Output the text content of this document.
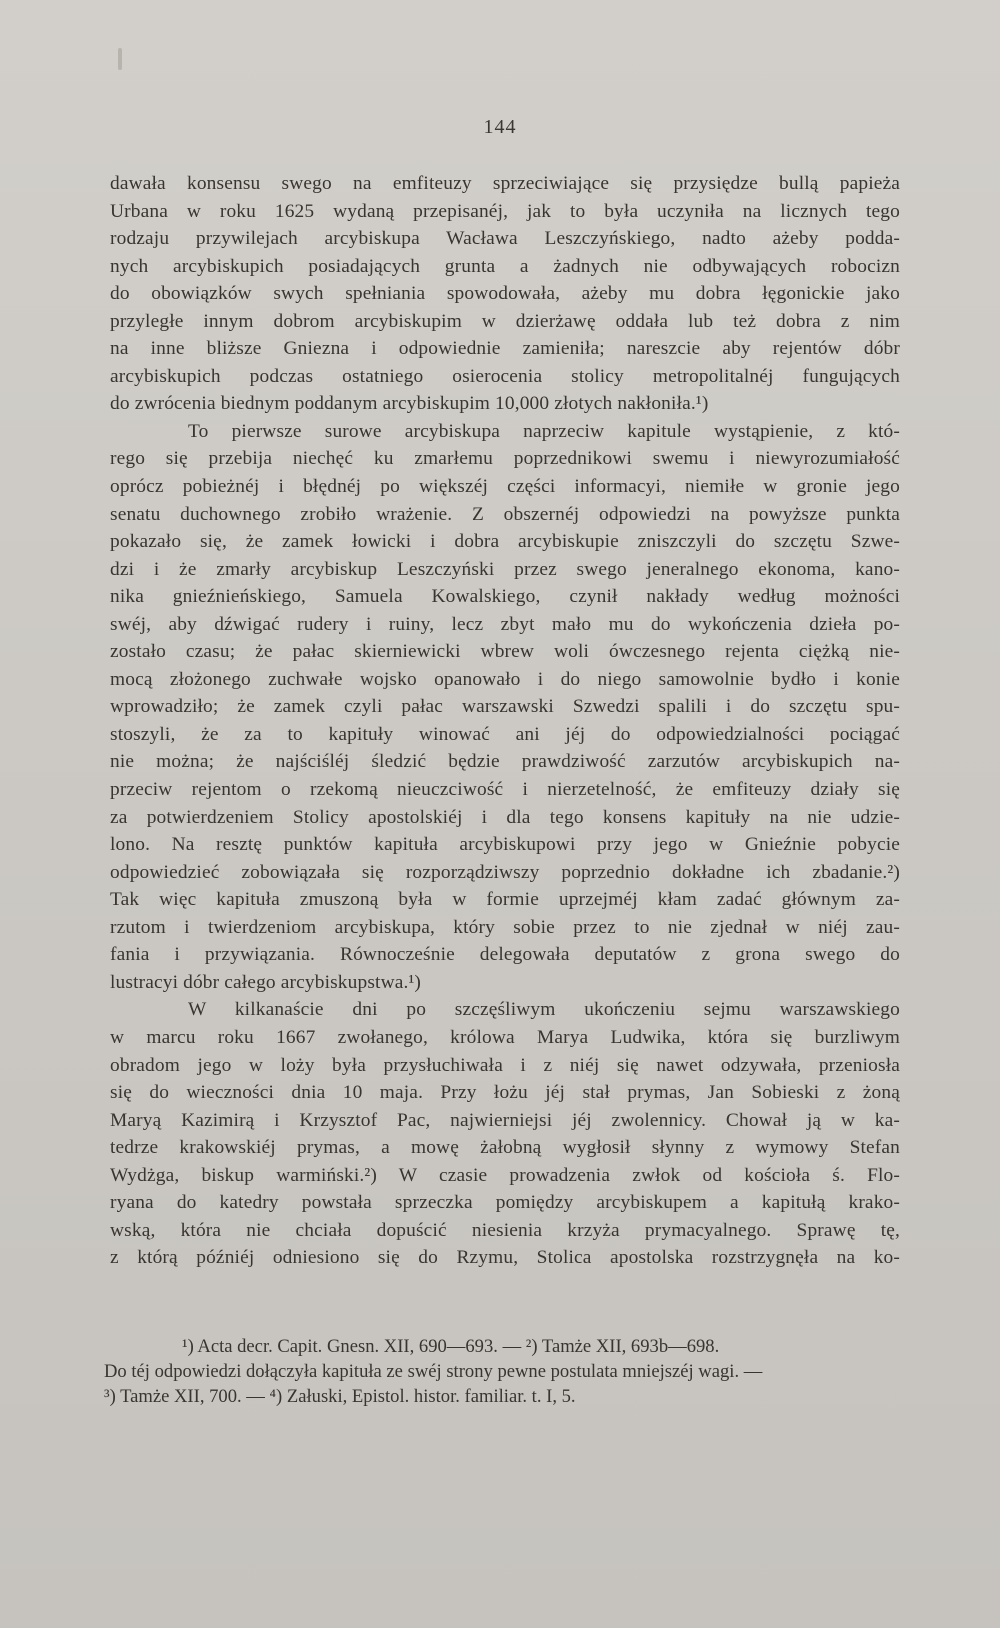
144
dawała konsensu swego na emfiteuzy sprzeciwiające się przysiędze bullą papieża
Urbana w roku 1625 wydaną przepisanéj, jak to była uczyniła na licznych tego
rodzaju przywilejach arcybiskupa Wacława Leszczyńskiego, nadto ażeby podda-
nych arcybiskupich posiadających grunta a żadnych nie odbywających robocizn
do obowiązków swych spełniania spowodowała, ażeby mu dobra łęgonickie jako
przyległe innym dobrom arcybiskupim w dzierżawę oddała lub też dobra z nim
na inne bliższe Gniezna i odpowiednie zamieniła; nareszcie aby rejentów dóbr
arcybiskupich podczas ostatniego osierocenia stolicy metropolitalnéj fungujących
do zwrócenia biednym poddanym arcybiskupim 10,000 złotych nakłoniła.¹)
To pierwsze surowe arcybiskupa naprzeciw kapitule wystąpienie, z któ-
rego się przebija niechęć ku zmarłemu poprzednikowi swemu i niewyrozumiałość
oprócz pobieżnéj i błędnéj po większéj części informacyi, niemiłe w gronie jego
senatu duchownego zrobiło wrażenie. Z obszernéj odpowiedzi na powyższe punkta
pokazało się, że zamek łowicki i dobra arcybiskupie zniszczyli do szczętu Szwe-
dzi i że zmarły arcybiskup Leszczyński przez swego jeneralnego ekonoma, kano-
nika gnieźnieńskiego, Samuela Kowalskiego, czynił nakłady według możności
swéj, aby dźwigać rudery i ruiny, lecz zbyt mało mu do wykończenia dzieła po-
zostało czasu; że pałac skierniewicki wbrew woli ówczesnego rejenta ciężką nie-
mocą złożonego zuchwałe wojsko opanowało i do niego samowolnie bydło i konie
wprowadziło; że zamek czyli pałac warszawski Szwedzi spalili i do szczętu spu-
stoszyli, że za to kapituły winować ani jéj do odpowiedzialności pociągać
nie można; że najściśléj śledzić będzie prawdziwość zarzutów arcybiskupich na-
przeciw rejentom o rzekomą nieuczciwość i nierzetelność, że emfiteuzy działy się
za potwierdzeniem Stolicy apostolskiéj i dla tego konsens kapituły na nie udzie-
lono. Na resztę punktów kapituła arcybiskupowi przy jego w Gnieźnie pobycie
odpowiedzieć zobowiązała się rozporządziwszy poprzednio dokładne ich zbadanie.²)
Tak więc kapituła zmuszoną była w formie uprzejméj kłam zadać głównym za-
rzutom i twierdzeniom arcybiskupa, który sobie przez to nie zjednał w niéj zau-
fania i przywiązania. Równocześnie delegowała deputatów z grona swego do
lustracyi dóbr całego arcybiskupstwa.¹)
W kilkanaście dni po szczęśliwym ukończeniu sejmu warszawskiego
w marcu roku 1667 zwołanego, królowa Marya Ludwika, która się burzliwym
obradom jego w loży była przysłuchiwała i z niéj się nawet odzywała, przeniosła
się do wieczności dnia 10 maja. Przy łożu jéj stał prymas, Jan Sobieski z żoną
Maryą Kazimirą i Krzysztof Pac, najwierniejsi jéj zwolennicy. Chował ją w ka-
tedrze krakowskiéj prymas, a mowę żałobną wygłosił słynny z wymowy Stefan
Wydżga, biskup warmiński.²) W czasie prowadzenia zwłok od kościoła ś. Flo-
ryana do katedry powstała sprzeczka pomiędzy arcybiskupem a kapitułą krako-
wską, która nie chciała dopuścić niesienia krzyża prymacyalnego. Sprawę tę,
z którą późniéj odniesiono się do Rzymu, Stolica apostolska rozstrzygnęła na ko-
¹) Acta decr. Capit. Gnesn. XII, 690—693. — ²) Tamże XII, 693b—698.
Do téj odpowiedzi dołączyła kapituła ze swéj strony pewne postulata mniejszéj wagi. —
³) Tamże XII, 700. — ⁴) Załuski, Epistol. histor. familiar. t. I, 5.
